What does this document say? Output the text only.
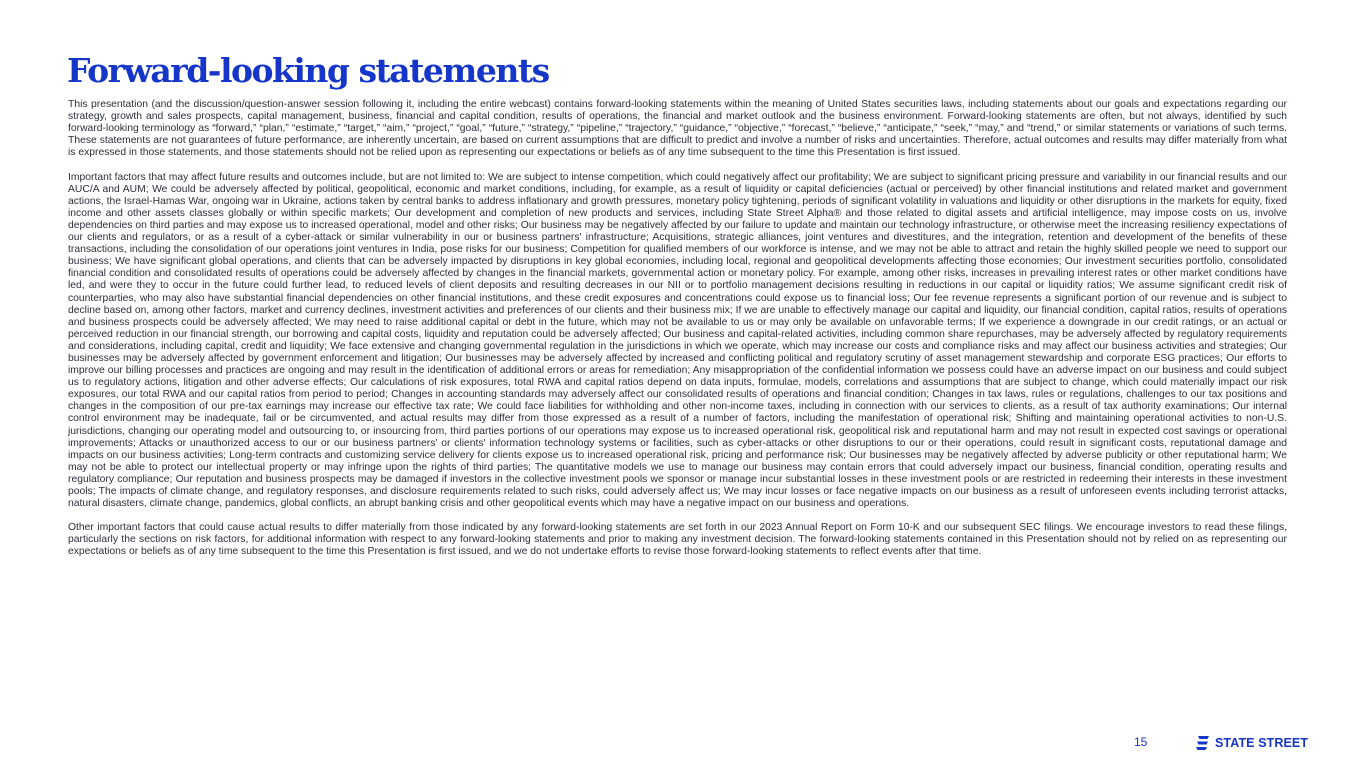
Forward-looking statements

This presentation (and the discussion/question-answer session following it, including the entire webcast) contains forward-looking statements within the meaning of United States securities laws, including statements about our goals and expectations regarding our strategy, growth and sales prospects, capital management, business, financial and capital condition, results of operations, the financial and market outlook and the business environment. Forward-looking statements are often, but not always, identified by such forward-looking terminology as “forward,” “plan,” “estimate,” “target,” “aim,” “project,” “goal,” “future,” “strategy,” “pipeline,” “trajectory,” “guidance,” “objective,” “forecast,” “believe,” “anticipate,” “seek,” “may,” and “trend,” or similar statements or variations of such terms. These statements are not guarantees of future performance, are inherently uncertain, are based on current assumptions that are difficult to predict and involve a number of risks and uncertainties. Therefore, actual outcomes and results may differ materially from what is expressed in those statements, and those statements should not be relied upon as representing our expectations or beliefs as of any time subsequent to the time this Presentation is first issued.

Important factors that may affect future results and outcomes include, but are not limited to: We are subject to intense competition, which could negatively affect our profitability; We are subject to significant pricing pressure and variability in our financial results and our AUC/A and AUM; We could be adversely affected by political, geopolitical, economic and market conditions, including, for example, as a result of liquidity or capital deficiencies (actual or perceived) by other financial institutions and related market and government actions, the Israel-Hamas War, ongoing war in Ukraine, actions taken by central banks to address inflationary and growth pressures, monetary policy tightening, periods of significant volatility in valuations and liquidity or other disruptions in the markets for equity, fixed income and other assets classes globally or within specific markets; Our development and completion of new products and services, including State Street Alpha® and those related to digital assets and artificial intelligence, may impose costs on us, involve dependencies on third parties and may expose us to increased operational, model and other risks; Our business may be negatively affected by our failure to update and maintain our technology infrastructure, or otherwise meet the increasing resiliency expectations of our clients and regulators, or as a result of a cyber-attack or similar vulnerability in our or business partners' infrastructure; Acquisitions, strategic alliances, joint ventures and divestitures, and the integration, retention and development of the benefits of these transactions, including the consolidation of our operations joint ventures in India, pose risks for our business; Competition for qualified members of our workforce is intense, and we may not be able to attract and retain the highly skilled people we need to support our business; We have significant global operations, and clients that can be adversely impacted by disruptions in key global economies, including local, regional and geopolitical developments affecting those economies; Our investment securities portfolio, consolidated financial condition and consolidated results of operations could be adversely affected by changes in the financial markets, governmental action or monetary policy. For example, among other risks, increases in prevailing interest rates or other market conditions have led, and were they to occur in the future could further lead, to reduced levels of client deposits and resulting decreases in our NII or to portfolio management decisions resulting in reductions in our capital or liquidity ratios; We assume significant credit risk of counterparties, who may also have substantial financial dependencies on other financial institutions, and these credit exposures and concentrations could expose us to financial loss; Our fee revenue represents a significant portion of our revenue and is subject to decline based on, among other factors, market and currency declines, investment activities and preferences of our clients and their business mix; If we are unable to effectively manage our capital and liquidity, our financial condition, capital ratios, results of operations and business prospects could be adversely affected; We may need to raise additional capital or debt in the future, which may not be available to us or may only be available on unfavorable terms; If we experience a downgrade in our credit ratings, or an actual or perceived reduction in our financial strength, our borrowing and capital costs, liquidity and reputation could be adversely affected; Our business and capital-related activities, including common share repurchases, may be adversely affected by regulatory requirements and considerations, including capital, credit and liquidity; We face extensive and changing governmental regulation in the jurisdictions in which we operate, which may increase our costs and compliance risks and may affect our business activities and strategies; Our businesses may be adversely affected by government enforcement and litigation; Our businesses may be adversely affected by increased and conflicting political and regulatory scrutiny of asset management stewardship and corporate ESG practices; Our efforts to improve our billing processes and practices are ongoing and may result in the identification of additional errors or areas for remediation; Any misappropriation of the confidential information we possess could have an adverse impact on our business and could subject us to regulatory actions, litigation and other adverse effects; Our calculations of risk exposures, total RWA and capital ratios depend on data inputs, formulae, models, correlations and assumptions that are subject to change, which could materially impact our risk exposures, our total RWA and our capital ratios from period to period; Changes in accounting standards may adversely affect our consolidated results of operations and financial condition; Changes in tax laws, rules or regulations, challenges to our tax positions and changes in the composition of our pre-tax earnings may increase our effective tax rate; We could face liabilities for withholding and other non-income taxes, including in connection with our services to clients, as a result of tax authority examinations; Our internal control environment may be inadequate, fail or be circumvented, and actual results may differ from those expressed as a result of a number of factors, including the manifestation of operational risk; Shifting and maintaining operational activities to non-U.S. jurisdictions, changing our operating model and outsourcing to, or insourcing from, third parties portions of our operations may expose us to increased operational risk, geopolitical risk and reputational harm and may not result in expected cost savings or operational improvements; Attacks or unauthorized access to our or our business partners' or clients' information technology systems or facilities, such as cyber-attacks or other disruptions to our or their operations, could result in significant costs, reputational damage and impacts on our business activities; Long-term contracts and customizing service delivery for clients expose us to increased operational risk, pricing and performance risk; Our businesses may be negatively affected by adverse publicity or other reputational harm; We may not be able to protect our intellectual property or may infringe upon the rights of third parties; The quantitative models we use to manage our business may contain errors that could adversely impact our business, financial condition, operating results and regulatory compliance; Our reputation and business prospects may be damaged if investors in the collective investment pools we sponsor or manage incur substantial losses in these investment pools or are restricted in redeeming their interests in these investment pools; The impacts of climate change, and regulatory responses, and disclosure requirements related to such risks, could adversely affect us; We may incur losses or face negative impacts on our business as a result of unforeseen events including terrorist attacks, natural disasters, climate change, pandemics, global conflicts, an abrupt banking crisis and other geopolitical events which may have a negative impact on our business and operations.

Other important factors that could cause actual results to differ materially from those indicated by any forward-looking statements are set forth in our 2023 Annual Report on Form 10-K and our subsequent SEC filings. We encourage investors to read these filings, particularly the sections on risk factors, for additional information with respect to any forward-looking statements and prior to making any investment decision. The forward-looking statements contained in this Presentation should not by relied on as representing our expectations or beliefs as of any time subsequent to the time this Presentation is first issued, and we do not undertake efforts to revise those forward-looking statements to reflect events after that time.

15	STATE STREET
